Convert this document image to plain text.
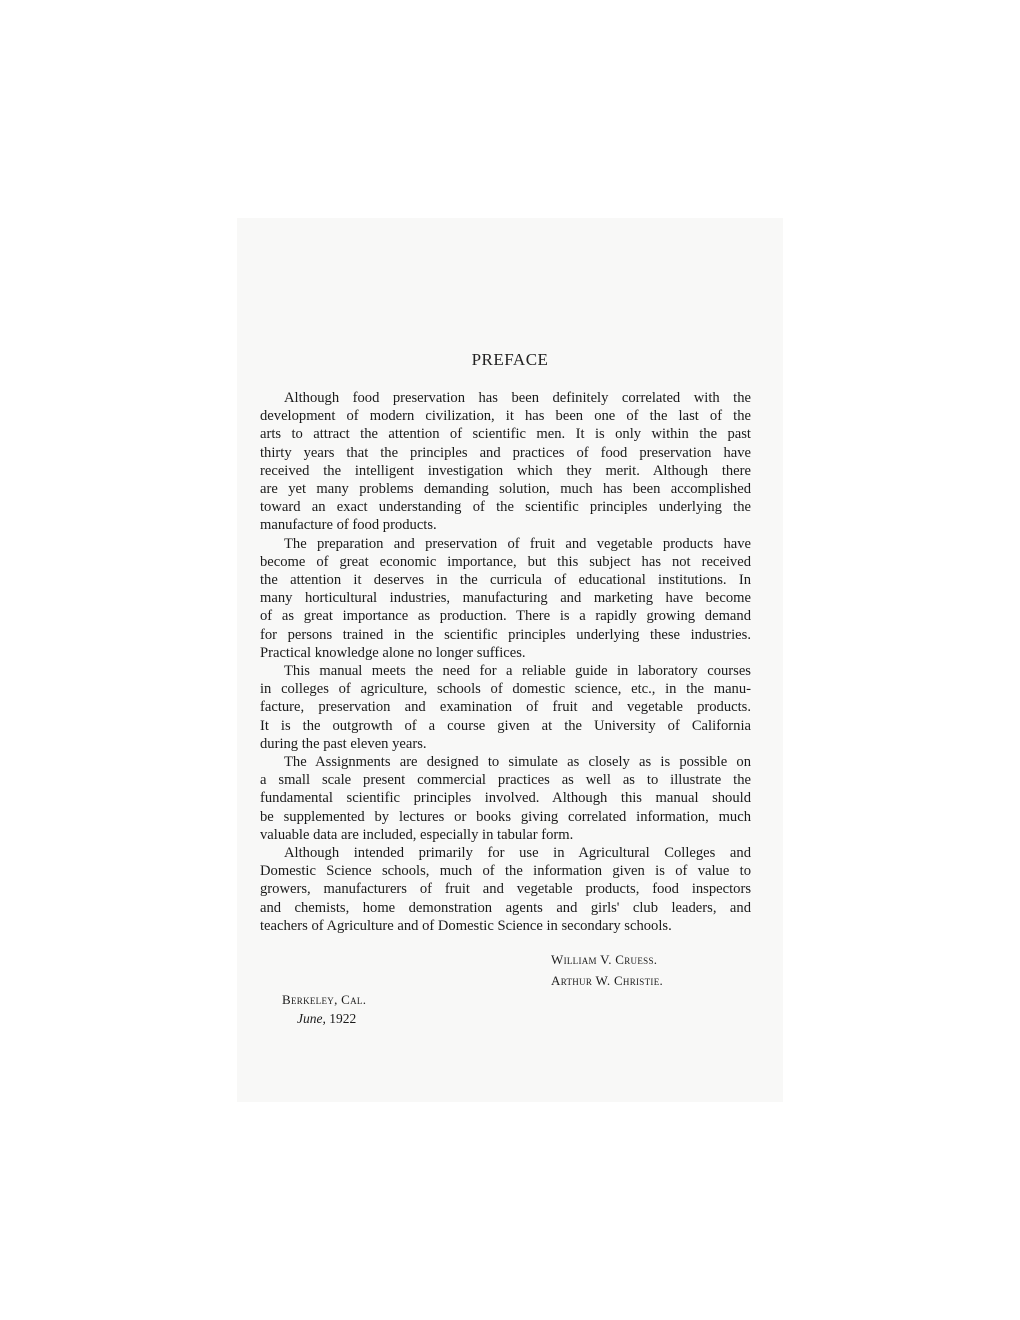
PREFACE
Although food preservation has been definitely correlated with the
development of modern civilization, it has been one of the last of the
arts to attract the attention of scientific men. It is only within the past
thirty years that the principles and practices of food preservation have
received the intelligent investigation which they merit. Although there
are yet many problems demanding solution, much has been accomplished
toward an exact understanding of the scientific principles underlying the
manufacture of food products.
The preparation and preservation of fruit and vegetable products have
become of great economic importance, but this subject has not received
the attention it deserves in the curricula of educational institutions. In
many horticultural industries, manufacturing and marketing have become
of as great importance as production. There is a rapidly growing demand
for persons trained in the scientific principles underlying these industries.
Practical knowledge alone no longer suffices.
This manual meets the need for a reliable guide in laboratory courses
in colleges of agriculture, schools of domestic science, etc., in the manu-
facture, preservation and examination of fruit and vegetable products.
It is the outgrowth of a course given at the University of California
during the past eleven years.
The Assignments are designed to simulate as closely as is possible on
a small scale present commercial practices as well as to illustrate the
fundamental scientific principles involved. Although this manual should
be supplemented by lectures or books giving correlated information, much
valuable data are included, especially in tabular form.
Although intended primarily for use in Agricultural Colleges and
Domestic Science schools, much of the information given is of value to
growers, manufacturers of fruit and vegetable products, food inspectors
and chemists, home demonstration agents and girls' club leaders, and
teachers of Agriculture and of Domestic Science in secondary schools.
William V. Cruess.
Arthur W. Christie.
Berkeley, Cal.
June, 1922
